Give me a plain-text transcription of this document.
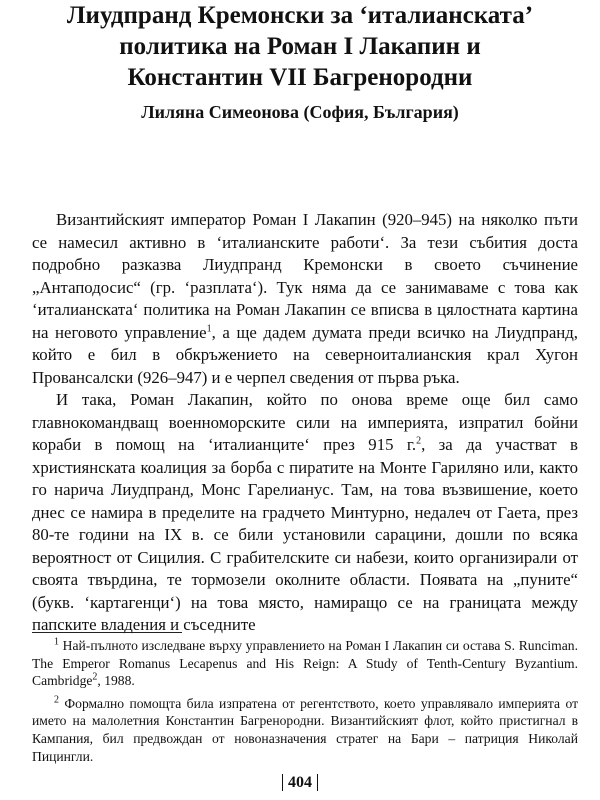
Лиудпранд Кремонски за ‘италианската’
политика на Роман I Лакапин и
Константин VII Багренородни

Лиляна Симеонова (София, България)

Византийският император Роман I Лакапин (920–945) на няколко пъти се намесил активно в ‘италианските работи‘. За тези събития доста подробно разказва Лиудпранд Кремонски в своето съчинение „Антаподосис“ (гр. ‘разплата‘). Тук няма да се занимаваме с това как ‘италианската‘ политика на Роман Лакапин се вписва в цялостната картина на неговото управление$^1$, а ще дадем думата преди всичко на Лиудпранд, който е бил в обкръжението на северноиталианския крал Хугон Провансалски (926–947) и е черпел сведения от първа ръка.

И така, Роман Лакапин, който по онова време още бил само главнокомандващ военноморските сили на империята, изпратил бойни кораби в помощ на ‘италианците‘ през 915 г.$^2$, за да участват в християнската коалиция за борба с пиратите на Монте Гариляно или, както го нарича Лиудпранд, Монс Гарелианус. Там, на това възвишение, което днес се намира в пределите на градчето Минтурно, недалеч от Гаета, през 80-те години на IX в. се били установили сарацини, дошли по всяка вероятност от Сицилия. С грабителските си набези, които организирали от своята твърдина, те тормозели околните области. Появата на „пуните“ (букв. ‘картагенци‘) на това място, намиращо се на границата между папските владения и съседните

$^1$ Най-пълното изследване върху управлението на Роман I Лакапин си остава S. Runciman. The Emperor Romanus Lecapenus and His Reign: A Study of Tenth-Century Byzantium. Cambridge$^2$, 1988.

$^2$ Формално помощта била изпратена от регентството, което управлявало империята от името на малолетния Константин Багренородни. Византийският флот, който пристигнал в Кампания, бил предвождан от новоназначения стратег на Бари – патриция Николай Пицингли.

404
